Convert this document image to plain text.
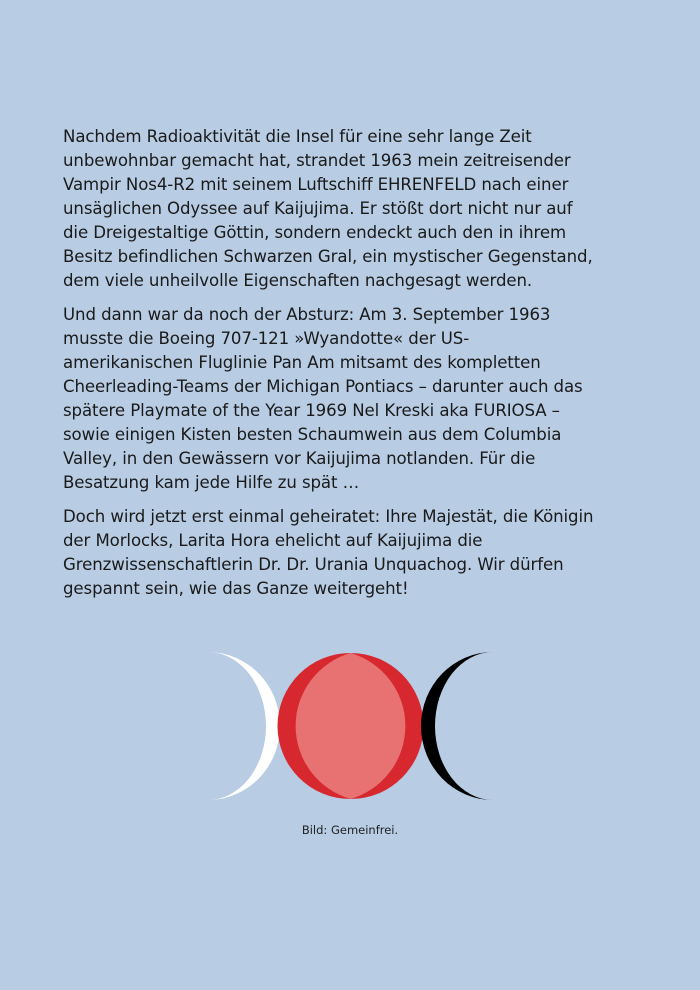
Nachdem Radioaktivität die Insel für eine sehr lange Zeit
unbewohnbar gemacht hat, strandet 1963 mein zeitreisender
Vampir Nos4-R2 mit seinem Luftschiff EHRENFELD nach einer
unsäglichen Odyssee auf Kaijujima. Er stößt dort nicht nur auf
die Dreigestaltige Göttin, sondern endeckt auch den in ihrem
Besitz befindlichen Schwarzen Gral, ein mystischer Gegenstand,
dem viele unheilvolle Eigenschaften nachgesagt werden.

Und dann war da noch der Absturz: Am 3. September 1963
musste die Boeing 707-121 »Wyandotte« der US-
amerikanischen Fluglinie Pan Am mitsamt des kompletten
Cheerleading-Teams der Michigan Pontiacs – darunter auch das
spätere Playmate of the Year 1969 Nel Kreski aka FURIOSA –
sowie einigen Kisten besten Schaumwein aus dem Columbia
Valley, in den Gewässern vor Kaijujima notlanden. Für die
Besatzung kam jede Hilfe zu spät …

Doch wird jetzt erst einmal geheiratet: Ihre Majestät, die Königin
der Morlocks, Larita Hora ehelicht auf Kaijujima die
Grenzwissenschaftlerin Dr. Dr. Urania Unquachog. Wir dürfen
gespannt sein, wie das Ganze weitergeht!

Bild: Gemeinfrei.
